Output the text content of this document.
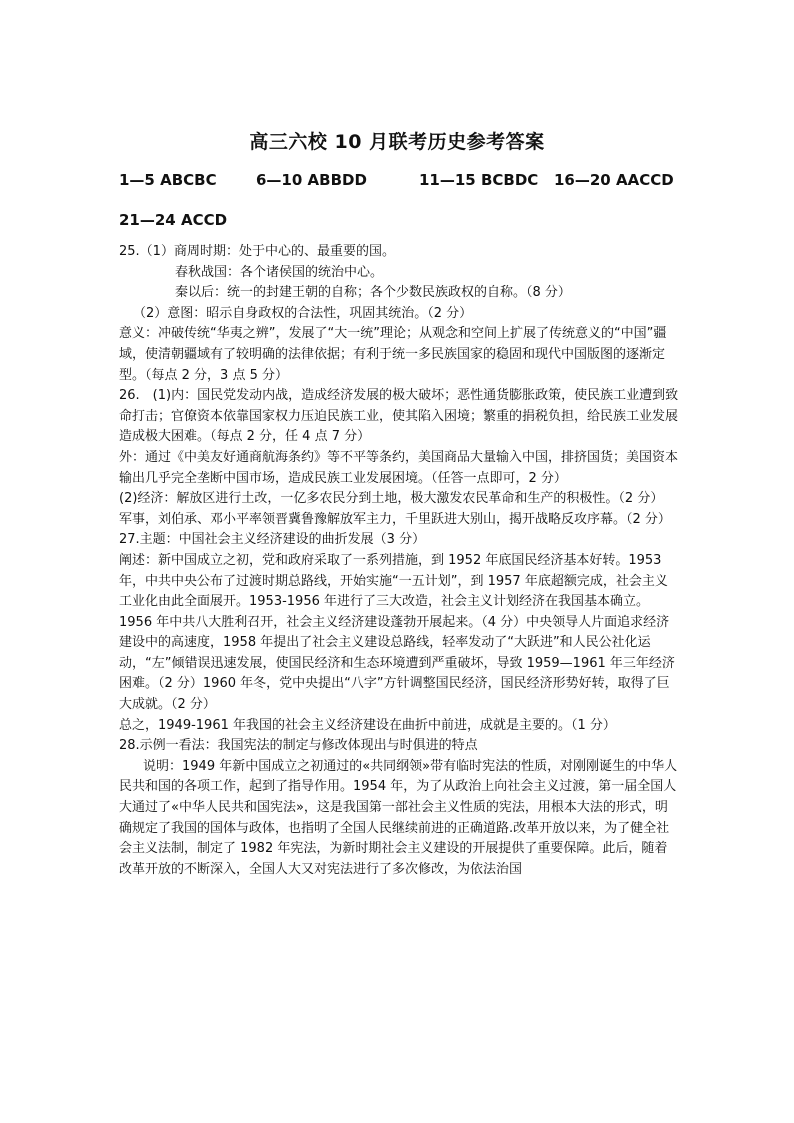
高三六校 10 月联考历史参考答案
1—5 ABCBC	6—10 ABBDD	11—15 BCBDC 16—20 AACCD
21—24 ACCD

25.（1）商周时期：处于中心的、最重要的国。

春秋战国：各个诸侯国的统治中心。

秦以后：统一的封建王朝的自称；各个少数民族政权的自称。（8 分）

（2）意图：昭示自身政权的合法性，巩固其统治。（2 分）

意义：冲破传统“华夷之辨”，发展了“大一统”理论；从观念和空间上扩展了传统意义的“中国”疆域，使清朝疆域有了较明确的法律依据；有利于统一多民族国家的稳固和现代中国版图的逐渐定型。（每点 2 分，3 点 5 分）

26.　(1)内：国民党发动内战，造成经济发展的极大破坏；恶性通货膨胀政策，使民族工业遭到致命打击；官僚资本依靠国家权力压迫民族工业，使其陷入困境；繁重的捐税负担，给民族工业发展造成极大困难。（每点 2 分，任 4 点 7 分）

外：通过《中美友好通商航海条约》等不平等条约，美国商品大量输入中国，排挤国货；美国资本输出几乎完全垄断中国市场，造成民族工业发展困境。（任答一点即可，2 分）

(2)经济：解放区进行土改，一亿多农民分到土地，极大激发农民革命和生产的积极性。（2 分）

军事，刘伯承、邓小平率领晋冀鲁豫解放军主力，千里跃进大别山，揭开战略反攻序幕。（2 分）

27.主题：中国社会主义经济建设的曲折发展（3 分）

阐述：新中国成立之初，党和政府采取了一系列措施，到 1952 年底国民经济基本好转。1953 年，中共中央公布了过渡时期总路线，开始实施“一五计划”，到 1957 年底超额完成，社会主义工业化由此全面展开。1953-1956 年进行了三大改造，社会主义计划经济在我国基本确立。1956 年中共八大胜利召开，社会主义经济建设蓬勃开展起来。（4 分）中央领导人片面追求经济建设中的高速度，1958 年提出了社会主义建设总路线，轻率发动了“大跃进”和人民公社化运动，“左”倾错误迅速发展，使国民经济和生态环境遭到严重破坏，导致 1959—1961 年三年经济困难。（2 分）1960 年冬，党中央提出“八字”方针调整国民经济，国民经济形势好转，取得了巨大成就。（2 分）

总之，1949-1961 年我国的社会主义经济建设在曲折中前进，成就是主要的。（1 分）

28.示例一看法：我国宪法的制定与修改体现出与时俱进的特点

说明：1949 年新中国成立之初通过的«共同纲领»带有临时宪法的性质，对刚刚诞生的中华人民共和国的各项工作，起到了指导作用。1954 年，为了从政治上向社会主义过渡，第一届全国人大通过了«中华人民共和国宪法»，这是我国第一部社会主义性质的宪法，用根本大法的形式，明确规定了我国的国体与政体，也指明了全国人民继续前进的正确道路.改革开放以来，为了健全社会主义法制，制定了 1982 年宪法，为新时期社会主义建设的开展提供了重要保障。此后，随着改革开放的不断深入，全国人大又对宪法进行了多次修改，为依法治国
